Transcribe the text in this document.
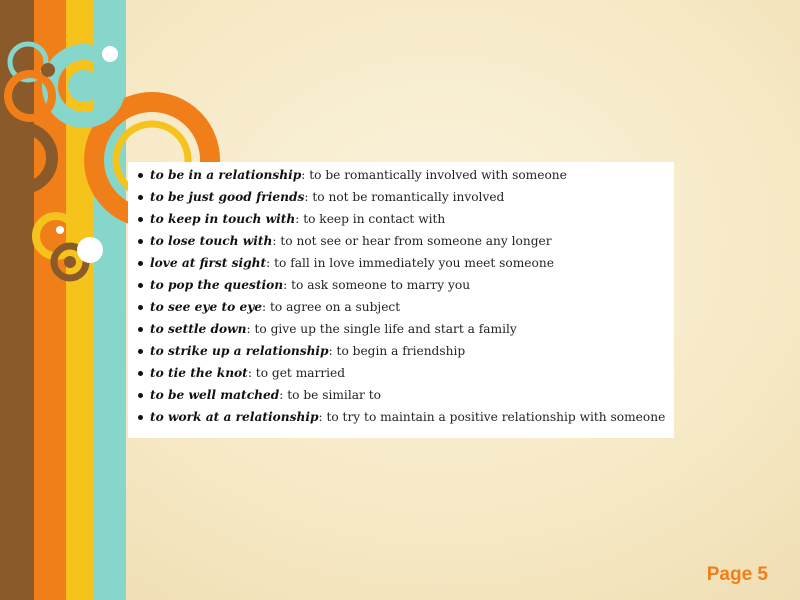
to be in a relationship: to be romantically involved with someone
to be just good friends: to not be romantically involved
to keep in touch with: to keep in contact with
to lose touch with: to not see or hear from someone any longer
love at first sight: to fall in love immediately you meet someone
to pop the question: to ask someone to marry you
to see eye to eye: to agree on a subject
to settle down: to give up the single life and start a family
to strike up a relationship: to begin a friendship
to tie the knot: to get married
to be well matched: to be similar to
to work at a relationship: to try to maintain a positive relationship with someone
Page 5
